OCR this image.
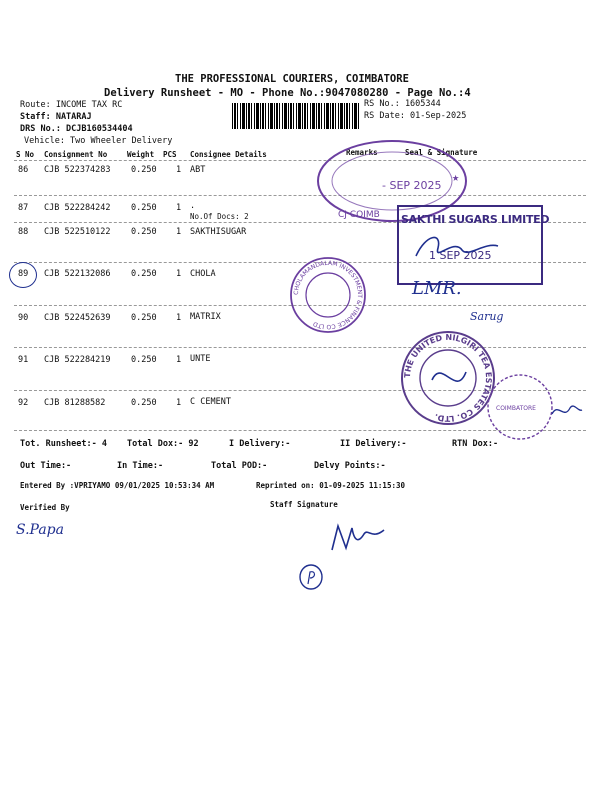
THE PROFESSIONAL COURIERS, COIMBATORE
Delivery Runsheet - MO - Phone No.:9047080280 - Page No.:4
Route: INCOME TAX RC
Staff: NATARAJ
DRS No.: DCJB160534404
Vehicle: Two Wheeler Delivery
RS No.: 1605344
RS Date: 01-Sep-2025
S No Consignment No	Weight PCS Consignee Details	Remarks	Seal & Signature
86 CJB 522374283 0.250 1 ABT
87 CJB 522284242 0.250 1 .
No.Of Docs: 2
88 CJB 522510122 0.250 1 SAKTHISUGAR
89 CJB 522132086 0.250 1 CHOLA
90 CJB 522452639 0.250 1 MATRIX
91 CJB 522284219 0.250 1 UNTE
92 CJB 81288582	0.250 1 C CEMENT
Tot. Runsheet:- 4 Total Dox:- 92	I Delivery:-	II Delivery:-	RTN Dox:-
Out Time:-	In Time:-	Total POD:-	Delvy Points:-
Entered By :VPRIYAMO 09/01/2025 10:53:34 AM	Reprinted on: 01-09-2025 11:15:30
Verified By	Staff Signature
- SEP 2025
CJ COIMB
★
SAKTHI SUGARS LIMITED
1 SEP 2025
LMR.
CHOLAMANDALAM INVESTMENT & FINANCE CO LTD
Sarug
THE UNITED NILGIRI TEA ESTATES CO. LTD.
COIMBATORE
S.Papa
